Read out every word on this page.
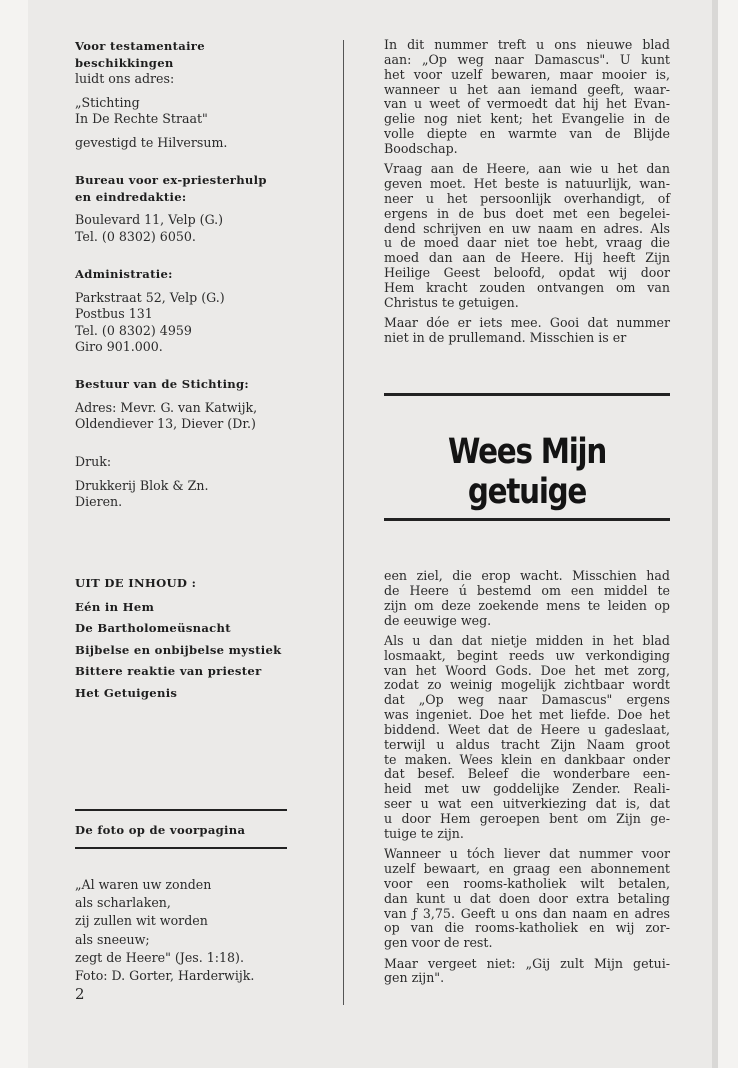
Voor testamentaire
beschikkingen
luidt ons adres:
„Stichting
In De Rechte Straat"
gevestigd te Hilversum.
Bureau voor ex-priesterhulp
en eindredaktie:
Boulevard 11, Velp (G.)
Tel. (0 8302) 6050.
Administratie:
Parkstraat 52, Velp (G.)
Postbus 131
Tel. (0 8302) 4959
Giro 901.000.
Bestuur van de Stichting:
Adres: Mevr. G. van Katwijk,
Oldendiever 13, Diever (Dr.)
Druk:
Drukkerij Blok & Zn.
Dieren.
UIT DE INHOUD :
Eén in Hem
De Bartholomeüsnacht
Bijbelse en onbijbelse mystiek
Bittere reaktie van priester
Het Getuigenis
De foto op de voorpagina
„Al waren uw zonden
als scharlaken,
zij zullen wit worden
als sneeuw;
zegt de Heere" (Jes. 1:18).
Foto: D. Gorter, Harderwijk.
2

In dit nummer treft u ons nieuwe blad
aan: „Op weg naar Damascus". U kunt
het voor uzelf bewaren, maar mooier is,
wanneer u het aan iemand geeft, waar-
van u weet of vermoedt dat hij het Evan-
gelie nog niet kent; het Evangelie in de
volle diepte en warmte van de Blijde
Boodschap.

Vraag aan de Heere, aan wie u het dan
geven moet. Het beste is natuurlijk, wan-
neer u het persoonlijk overhandigt, of
ergens in de bus doet met een begelei-
dend schrijven en uw naam en adres. Als
u de moed daar niet toe hebt, vraag die
moed dan aan de Heere. Hij heeft Zijn
Heilige Geest beloofd, opdat wij door
Hem kracht zouden ontvangen om van
Christus te getuigen.

Maar dóe er iets mee. Gooi dat nummer
niet in de prullemand. Misschien is er

Wees Mijn getuige

een ziel, die erop wacht. Misschien had
de Heere ú bestemd om een middel te
zijn om deze zoekende mens te leiden op
de eeuwige weg.

Als u dan dat nietje midden in het blad
losmaakt, begint reeds uw verkondiging
van het Woord Gods. Doe het met zorg,
zodat zo weinig mogelijk zichtbaar wordt
dat „Op weg naar Damascus" ergens
was ingeniet. Doe het met liefde. Doe het
biddend. Weet dat de Heere u gadeslaat,
terwijl u aldus tracht Zijn Naam groot
te maken. Wees klein en dankbaar onder
dat besef. Beleef die wonderbare een-
heid met uw goddelijke Zender. Reali-
seer u wat een uitverkiezing dat is, dat
u door Hem geroepen bent om Zijn ge-
tuige te zijn.

Wanneer u tóch liever dat nummer voor
uzelf bewaart, en graag een abonnement
voor een rooms-katholiek wilt betalen,
dan kunt u dat doen door extra betaling
van ƒ 3,75. Geeft u ons dan naam en adres
op van die rooms-katholiek en wij zor-
gen voor de rest.

Maar vergeet niet: „Gij zult Mijn getui-
gen zijn".
